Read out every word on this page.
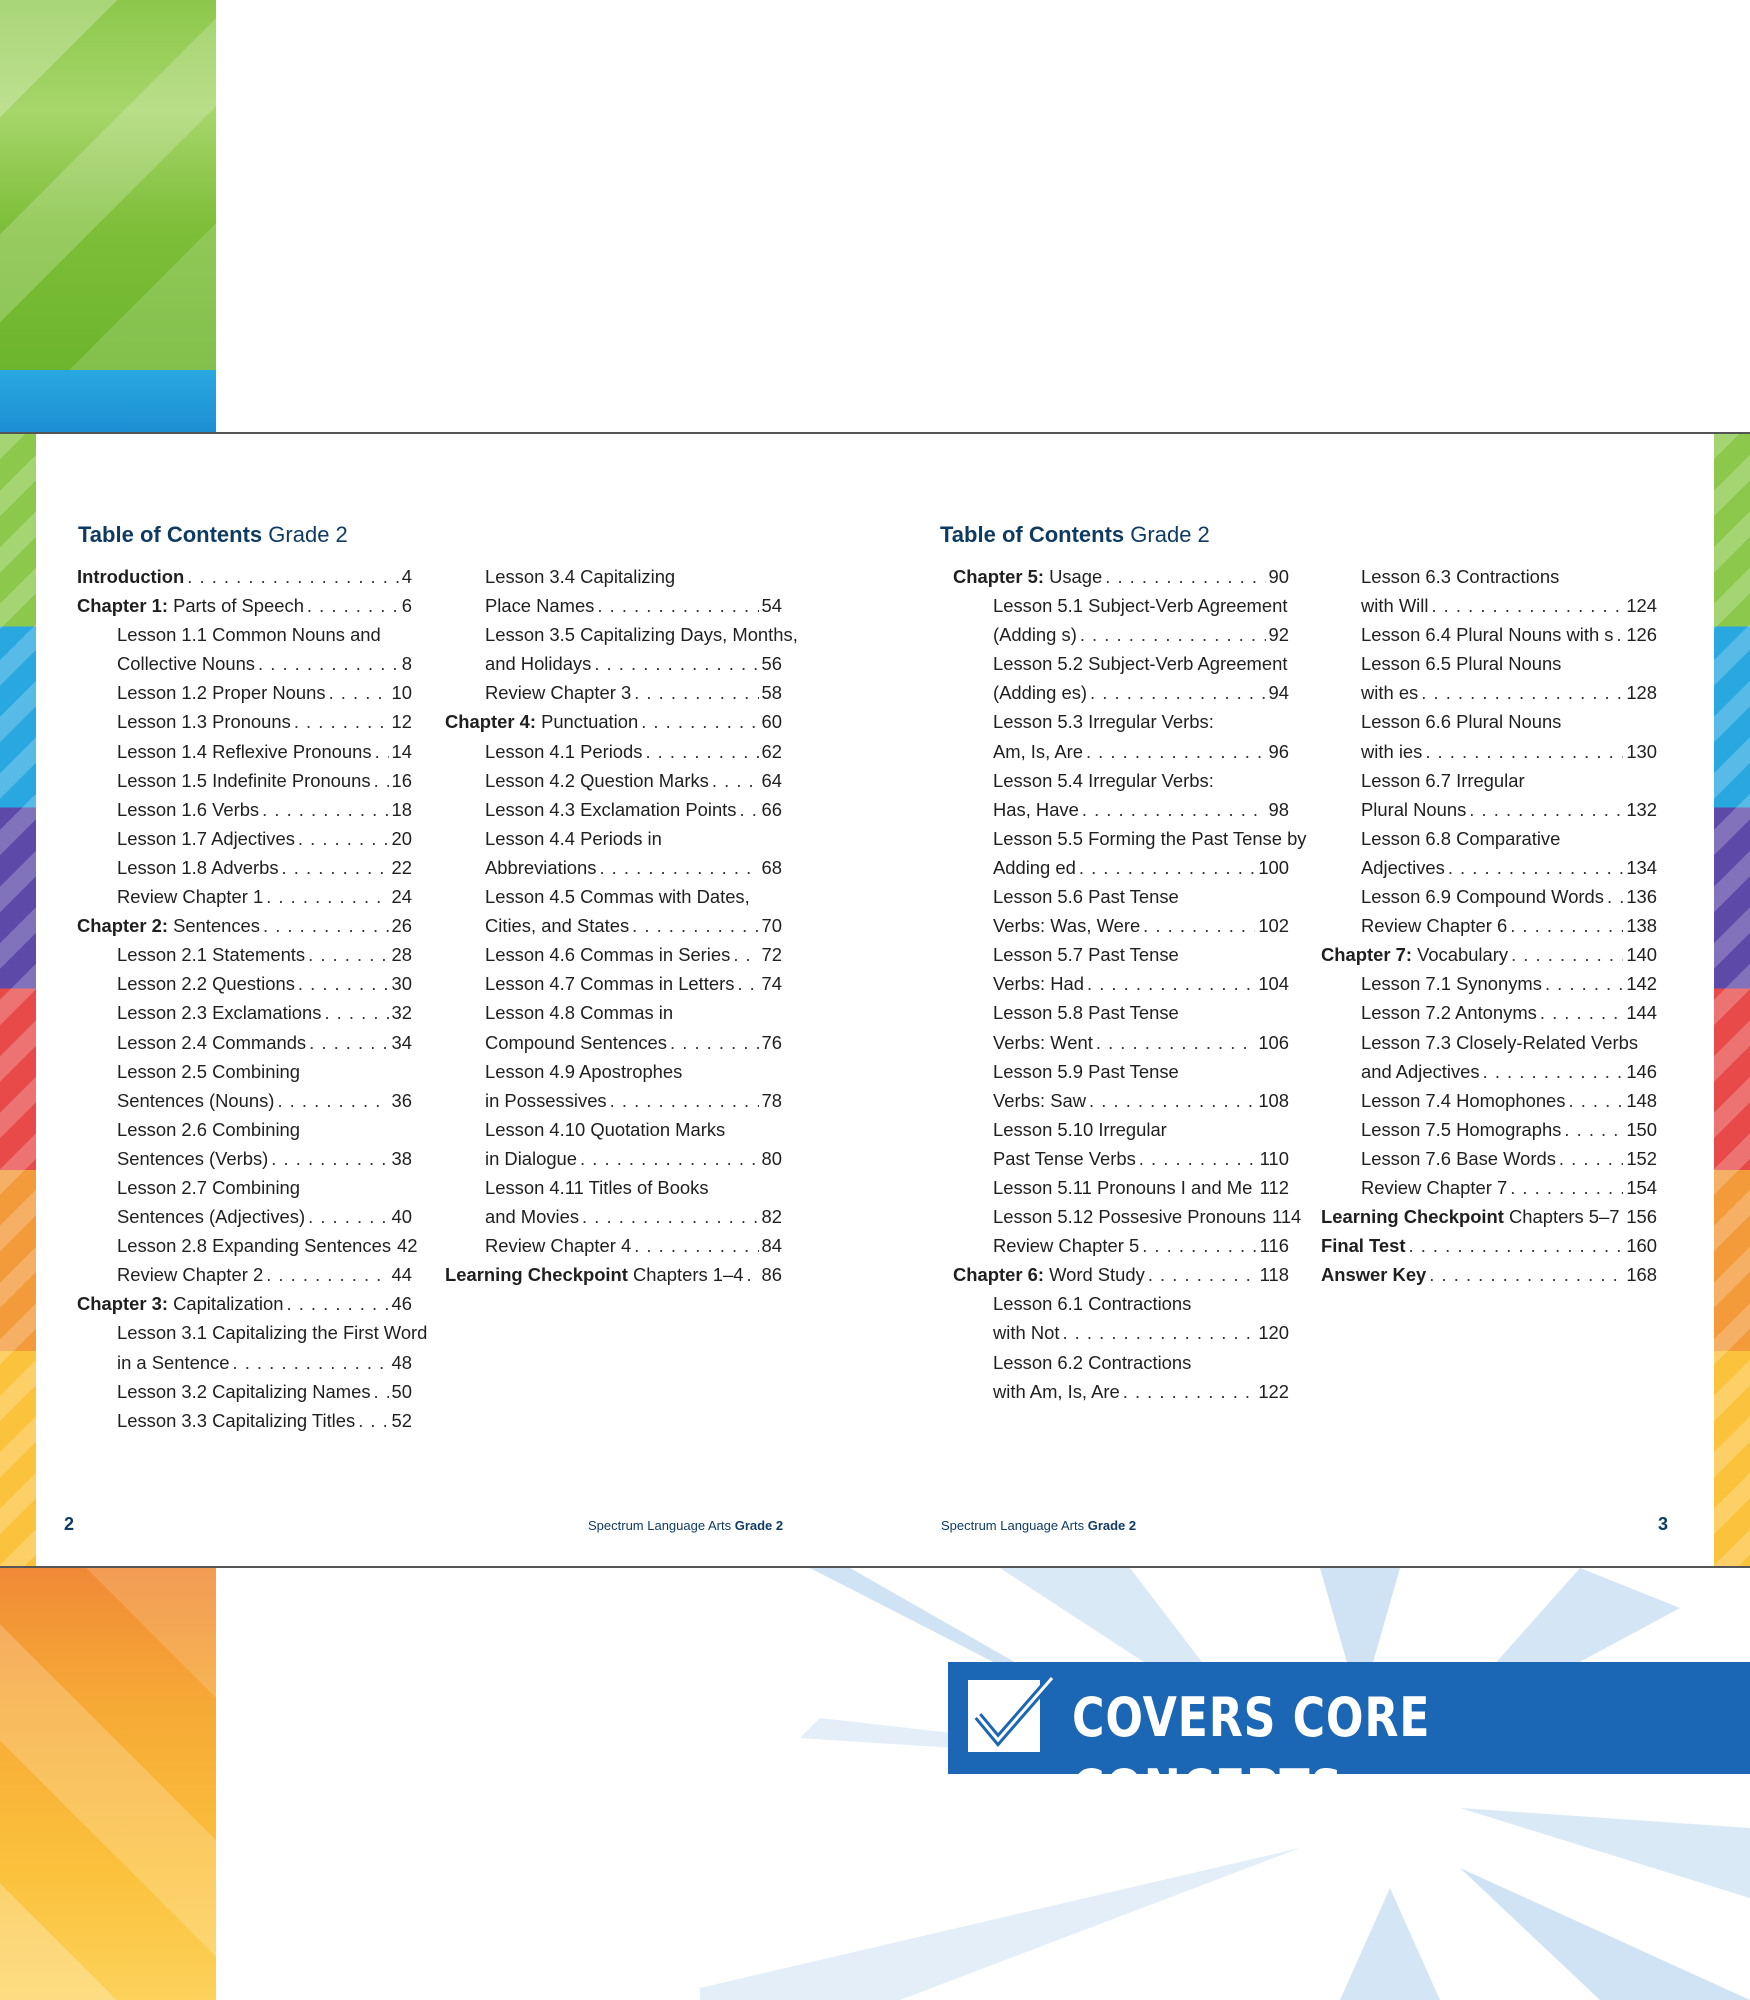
Table of Contents Grade 2
Introduction . . .	4
Chapter 1: Parts of Speech . . .	6
Lesson 1.1 Common Nouns and
Collective Nouns . . .	8
Lesson 1.2 Proper Nouns . . .	10
Lesson 1.3 Pronouns . . .	12
Lesson 1.4 Reflexive Pronouns . . . 14
Lesson 1.5 Indefinite Pronouns . . . 16
Lesson 1.6 Verbs . . .	18
Lesson 1.7 Adjectives . . .	20
Lesson 1.8 Adverbs . . .	22
Review Chapter 1 . . .	24
Chapter 2: Sentences . . .	26
Lesson 2.1 Statements . . .	28
Lesson 2.2 Questions . . .	30
Lesson 2.3 Exclamations . . .	32
Lesson 2.4 Commands . . .	34
Lesson 2.5 Combining
Sentences (Nouns) . . .	36
Lesson 2.6 Combining
Sentences (Verbs) . . .	38
Lesson 2.7 Combining
Sentences (Adjectives) . . .	40
Lesson 2.8 Expanding Sentences 42
Review Chapter 2 . . .	44
Chapter 3: Capitalization . . .	46
Lesson 3.1 Capitalizing the First Word
in a Sentence . . .	48
Lesson 3.2 Capitalizing Names . . . 50
Lesson 3.3 Capitalizing Titles . . . 52
Lesson 3.4 Capitalizing
Place Names . . .	54
Lesson 3.5 Capitalizing Days, Months,
and Holidays . . .	56
Review Chapter 3 . . .	58
Chapter 4: Punctuation . . .	60
Lesson 4.1 Periods . . .	62
Lesson 4.2 Question Marks . . .	64
Lesson 4.3 Exclamation Points . . . 66
Lesson 4.4 Periods in
Abbreviations . . .	68
Lesson 4.5 Commas with Dates,
Cities, and States . . .	70
Lesson 4.6 Commas in Series . . . 72
Lesson 4.7 Commas in Letters . . . 74
Lesson 4.8 Commas in
Compound Sentences . . .	76
Lesson 4.9 Apostrophes
in Possessives . . .	78
Lesson 4.10 Quotation Marks
in Dialogue . . .	80
Lesson 4.11 Titles of Books
and Movies . . .	82
Review Chapter 4 . . .	84
Learning Checkpoint Chapters 1–4 . . . 86
2	Spectrum Language Arts Grade 2
Table of Contents Grade 2
Chapter 5: Usage . . .	90
Lesson 5.1 Subject-Verb Agreement
(Adding s) . . .	92
Lesson 5.2 Subject-Verb Agreement
(Adding es) . . .	94
Lesson 5.3 Irregular Verbs:
Am, Is, Are . . .	96
Lesson 5.4 Irregular Verbs:
Has, Have . . .	98
Lesson 5.5 Forming the Past Tense by
Adding ed . . .	100
Lesson 5.6 Past Tense
Verbs: Was, Were . . .	102
Lesson 5.7 Past Tense
Verbs: Had . . .	104
Lesson 5.8 Past Tense
Verbs: Went . . .	106
Lesson 5.9 Past Tense
Verbs: Saw . . .	108
Lesson 5.10 Irregular
Past Tense Verbs . . .	110
Lesson 5.11 Pronouns I and Me . . . 112
Lesson 5.12 Possesive Pronouns 114
Review Chapter 5 . . .	116
Chapter 6: Word Study . . .	118
Lesson 6.1 Contractions
with Not . . .	120
Lesson 6.2 Contractions
with Am, Is, Are . . .	122
Lesson 6.3 Contractions
with Will . . .	124
Lesson 6.4 Plural Nouns with s . . . 126
Lesson 6.5 Plural Nouns
with es . . .	128
Lesson 6.6 Plural Nouns
with ies . . .	130
Lesson 6.7 Irregular
Plural Nouns . . .	132
Lesson 6.8 Comparative
Adjectives . . .	134
Lesson 6.9 Compound Words . . . 136
Review Chapter 6 . . .	138
Chapter 7: Vocabulary . . .	140
Lesson 7.1 Synonyms . . .	142
Lesson 7.2 Antonyms . . .	144
Lesson 7.3 Closely-Related Verbs
and Adjectives . . .	146
Lesson 7.4 Homophones . . .	148
Lesson 7.5 Homographs . . .	150
Lesson 7.6 Base Words . . .	152
Review Chapter 7 . . .	154
Learning Checkpoint Chapters 5–7 . . . 156
Final Test . . .	160
Answer Key . . .	168
Spectrum Language Arts Grade 2	3
COVERS CORE CONCEPTS
